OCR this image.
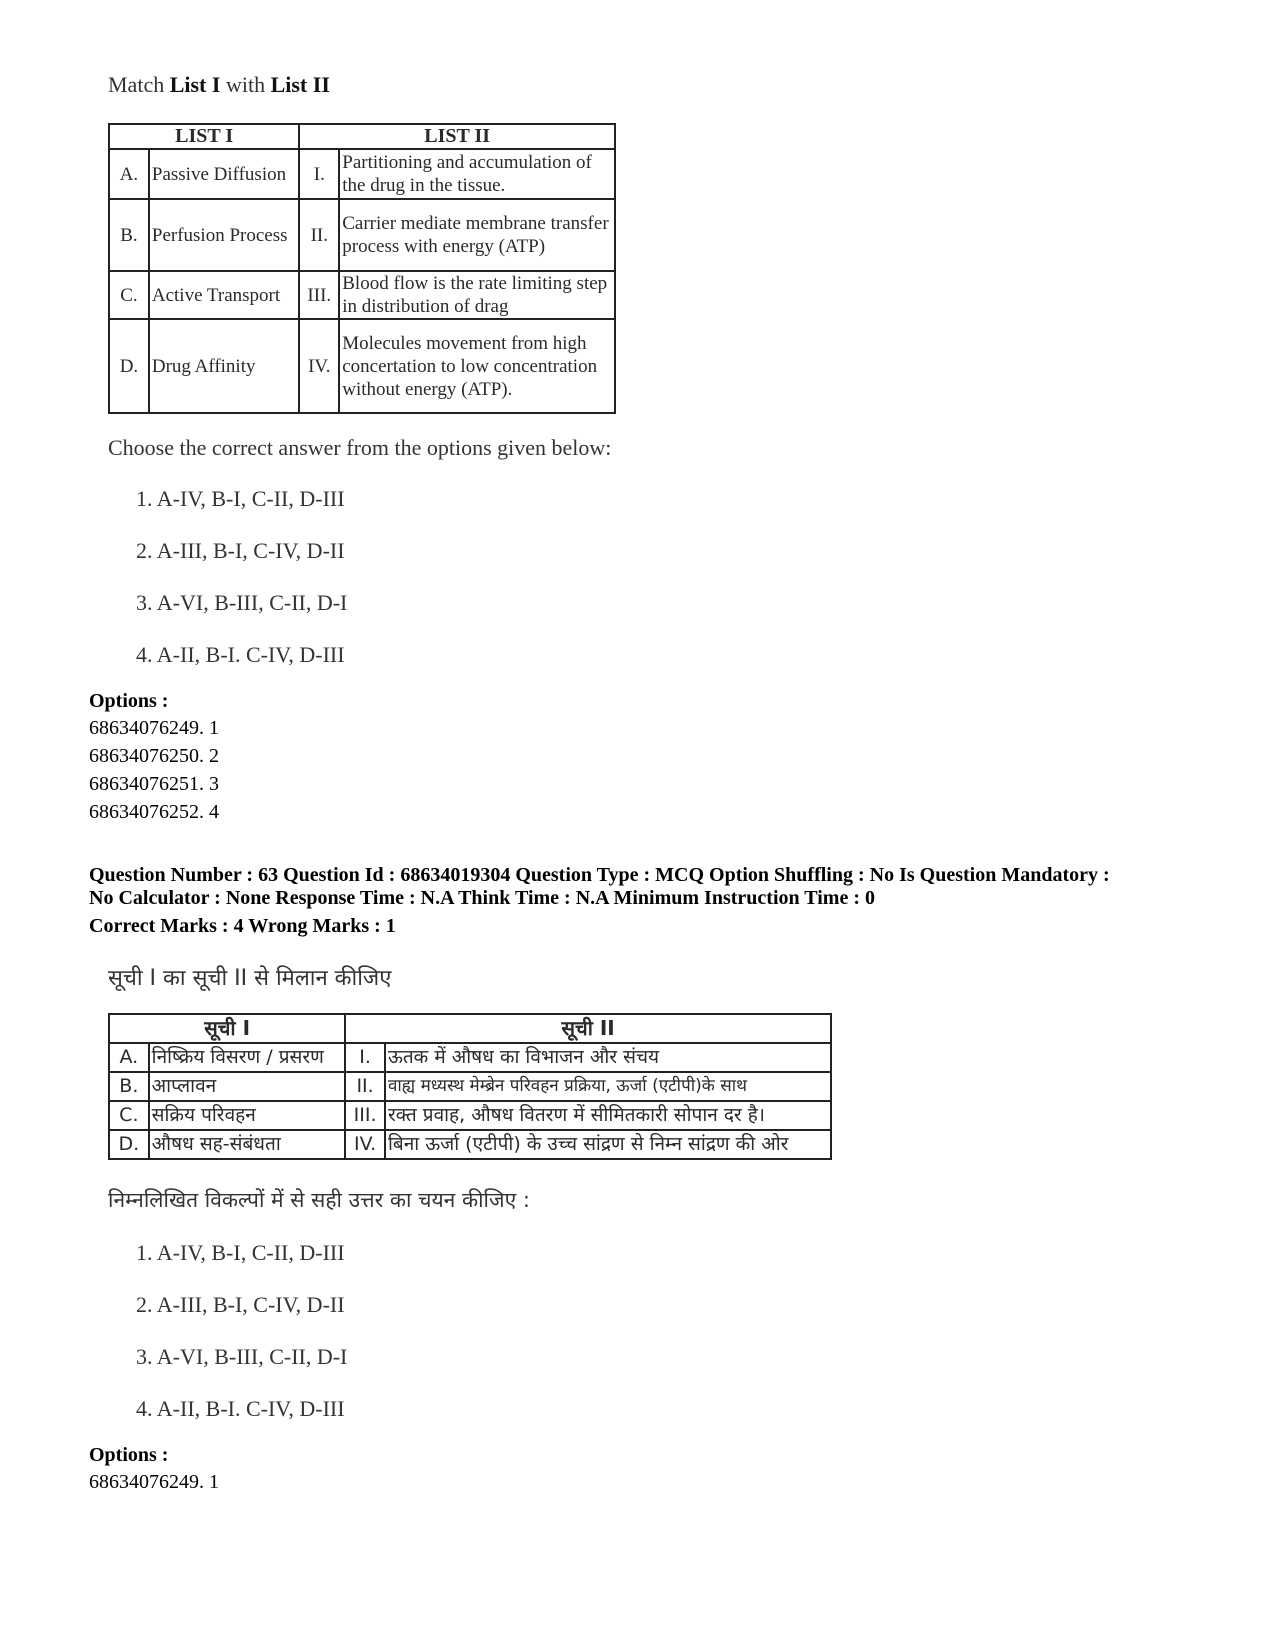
Match List I with List II
LIST I		LIST II	
A.	Passive Diffusion	I.	Partitioning and accumulation of the drug in the tissue.
B.	Perfusion Process	II.	Carrier mediate membrane transfer process with energy (ATP)
C.	Active Transport	III.	Blood flow is the rate limiting step in distribution of drag
D.	Drug Affinity	IV.	Molecules movement from high concertation to low concentration without energy (ATP).
Choose the correct answer from the options given below:
1. A-IV, B-I, C-II, D-III
2. A-III, B-I, C-IV, D-II
3. A-VI, B-III, C-II, D-I
4. A-II, B-I. C-IV, D-III
Options :
68634076249. 1
68634076250. 2
68634076251. 3
68634076252. 4
Question Number : 63 Question Id : 68634019304 Question Type : MCQ Option Shuffling : No Is Question Mandatory :
No Calculator : None Response Time : N.A Think Time : N.A Minimum Instruction Time : 0
Correct Marks : 4 Wrong Marks : 1
सूची I का सूची II से मिलान कीजिए
सूची I		सूची II	
A.	निष्क्रिय विसरण / प्रसरण	I.	ऊतक में औषध का विभाजन और संचय
B.	आप्लावन	II.	वाह्य मध्यस्थ मेम्ब्रेन परिवहन प्रक्रिया, ऊर्जा (एटीपी)के साथ
C.	सक्रिय परिवहन	III.	रक्त प्रवाह, औषध वितरण में सीमितकारी सोपान दर है।
D.	औषध सह-संबंधता	IV.	बिना ऊर्जा (एटीपी) के उच्च सांद्रण से निम्न सांद्रण की ओर
निम्नलिखित विकल्पों में से सही उत्तर का चयन कीजिए :
1. A-IV, B-I, C-II, D-III
2. A-III, B-I, C-IV, D-II
3. A-VI, B-III, C-II, D-I
4. A-II, B-I. C-IV, D-III
Options :
68634076249. 1
